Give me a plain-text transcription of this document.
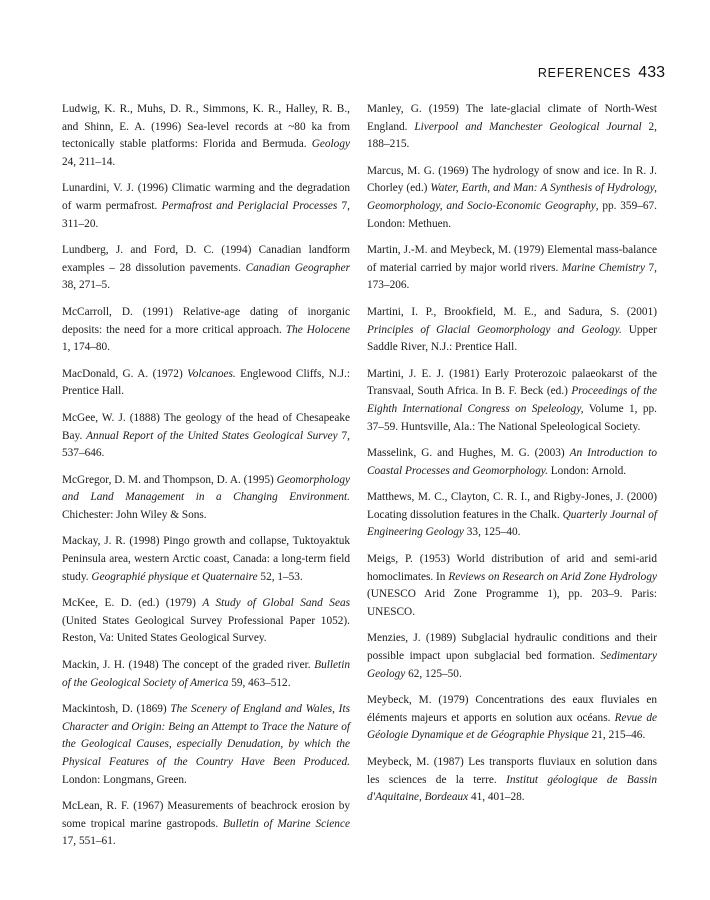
REFERENCES 433

Ludwig, K. R., Muhs, D. R., Simmons, K. R., Halley, R. B., and Shinn, E. A. (1996) Sea-level records at ~80 ka from tectonically stable platforms: Florida and Bermuda. Geology 24, 211–14.

Lunardini, V. J. (1996) Climatic warming and the degradation of warm permafrost. Permafrost and Periglacial Processes 7, 311–20.

Lundberg, J. and Ford, D. C. (1994) Canadian landform examples – 28 dissolution pavements. Canadian Geographer 38, 271–5.

McCarroll, D. (1991) Relative-age dating of inorganic deposits: the need for a more critical approach. The Holocene 1, 174–80.

MacDonald, G. A. (1972) Volcanoes. Englewood Cliffs, N.J.: Prentice Hall.

McGee, W. J. (1888) The geology of the head of Chesapeake Bay. Annual Report of the United States Geological Survey 7, 537–646.

McGregor, D. M. and Thompson, D. A. (1995) Geomorphology and Land Management in a Changing Environment. Chichester: John Wiley & Sons.

Mackay, J. R. (1998) Pingo growth and collapse, Tuktoyaktuk Peninsula area, western Arctic coast, Canada: a long-term field study. Geographié physique et Quaternaire 52, 1–53.

McKee, E. D. (ed.) (1979) A Study of Global Sand Seas (United States Geological Survey Professional Paper 1052). Reston, Va: United States Geological Survey.

Mackin, J. H. (1948) The concept of the graded river. Bulletin of the Geological Society of America 59, 463–512.

Mackintosh, D. (1869) The Scenery of England and Wales, Its Character and Origin: Being an Attempt to Trace the Nature of the Geological Causes, especially Denudation, by which the Physical Features of the Country Have Been Produced. London: Longmans, Green.

McLean, R. F. (1967) Measurements of beachrock erosion by some tropical marine gastropods. Bulletin of Marine Science 17, 551–61.

Manley, G. (1959) The late-glacial climate of North-West England. Liverpool and Manchester Geological Journal 2, 188–215.

Marcus, M. G. (1969) The hydrology of snow and ice. In R. J. Chorley (ed.) Water, Earth, and Man: A Synthesis of Hydrology, Geomorphology, and Socio-Economic Geography, pp. 359–67. London: Methuen.

Martin, J.-M. and Meybeck, M. (1979) Elemental mass-balance of material carried by major world rivers. Marine Chemistry 7, 173–206.

Martini, I. P., Brookfield, M. E., and Sadura, S. (2001) Principles of Glacial Geomorphology and Geology. Upper Saddle River, N.J.: Prentice Hall.

Martini, J. E. J. (1981) Early Proterozoic palaeokarst of the Transvaal, South Africa. In B. F. Beck (ed.) Proceedings of the Eighth International Congress on Speleology, Volume 1, pp. 37–59. Huntsville, Ala.: The National Speleological Society.

Masselink, G. and Hughes, M. G. (2003) An Introduction to Coastal Processes and Geomorphology. London: Arnold.

Matthews, M. C., Clayton, C. R. I., and Rigby-Jones, J. (2000) Locating dissolution features in the Chalk. Quarterly Journal of Engineering Geology 33, 125–40.

Meigs, P. (1953) World distribution of arid and semi-arid homoclimates. In Reviews on Research on Arid Zone Hydrology (UNESCO Arid Zone Programme 1), pp. 203–9. Paris: UNESCO.

Menzies, J. (1989) Subglacial hydraulic conditions and their possible impact upon subglacial bed formation. Sedimentary Geology 62, 125–50.

Meybeck, M. (1979) Concentrations des eaux fluviales en éléments majeurs et apports en solution aux océans. Revue de Géologie Dynamique et de Géographie Physique 21, 215–46.

Meybeck, M. (1987) Les transports fluviaux en solution dans les sciences de la terre. Institut géologique de Bassin d'Aquitaine, Bordeaux 41, 401–28.
